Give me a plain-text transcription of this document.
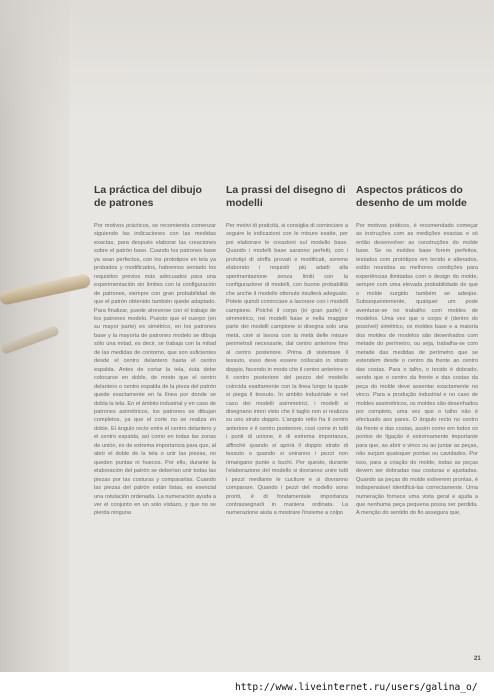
La práctica del dibujo de patrones

Por motivos prácticos, se recomienda comenzar siguiendo las indicaciones con las medidas exactas, para después elaborar las creaciones sobre el patrón base. Cuando los patrones base ya sean perfectos, con los prototipos en tela ya probados y modificados, habremos sentado los requisitos previos más adecuados para una experimentación sin límites con la configuración de patrones, siempre con gran probabilidad de que el patrón obtenido también quede adaptado. Para finalizar, puede atreverse con el trabajo de los patrones modelo. Puesto que el cuerpo (en su mayor parte) es simétrico, en los patrones base y la mayoría de patrones modelo se dibuja sólo una mitad, es decir, se trabaja con la mitad de las medidas de contorno, que son suficientes desde el centro delantero hasta el centro espalda. Antes de cortar la tela, ésta debe colocarse en doble, de modo que el centro delantero o centro espalda de la pieza del patrón quede exactamente en la línea por donde se dobla la tela. En el ámbito industrial y en caso de patrones asimétricos, los patrones se dibujan completos, ya que el corte no se realiza en doble. El ángulo recto entre el centro delantero y el centro espalda, así como en todas las zonas de unión, es de extrema importancia para que, al abrir el doble de la tela o unir las piezas, no queden puntas ni huecos. Por ello, durante la elaboración del patrón se deberían unir todas las piezas por las costuras y compararlas. Cuando las piezas del patrón están listas, es esencial una rotulación ordenada. La numeración ayuda a ver el conjunto en un solo vistazo, y que no se pierda ninguna

La prassi del disegno di modelli

Per motivi di praticità, si consiglia di cominciare a seguire le indicazioni con le misure esatte, per poi elaborare le creazioni sul modello base. Quando i modelli base saranno perfetti, con i prototipi di stoffa provati e modificati, avremo elaborato i requisiti più adatti alla sperimentazione senza limiti con la configurazione di modelli, con buone probabilità che anche il modello ottenuto risulterà adeguato. Potete quindi cominciare a lavorare con i modelli campione. Poiché il corpo (in gran parte) è simmetrico, nei modelli base e nella maggior parte dei modelli campione si disegna solo una metà, cioè si lavora con la metà delle misure perimetrali necessarie, dal centro anteriore fino al centro posteriore. Prima di sistemare il tessuto, esso deve essere collocato in strato doppio, facendo in modo che il centro anteriore o il centro posteriore del pezzo del modello coincida esattamente con la linea lungo la quale si piega il tessuto. In ambito industriale e nel caso dei modelli asimmetrici, i modelli si disegnano interi visto che il taglio non si realizza su uno strato doppio. L'angolo retto fra il centro anteriore e il centro posteriore, così come in tutti i punti di unione, è di estrema importanza, affinché quando si aprirà il doppio strato di tessuto o quando si uniranno i pezzi non rimangano punte o buchi. Per questo, durante l'elaborazione del modello si dovranno unire tutti i pezzi mediante le cuciture e si dovranno comparare. Quando i pezzi del modello sono pronti, è di fondamentale importanza contrassegnarli in maniera ordinata. La numerazione aiuta a mostrare l'insieme a colpo

Aspectos práticos do desenho de um molde

Por motivos práticos, é recomendado começar as instruções com as medições exactas e só então desenvolver as construções do molde base. Se os moldes base forem perfeitos, testados com protótipos em tecido e alterados, estão reunidas as melhores condições para experiências ilimitadas com o design do molde, sempre com uma elevada probabilidade de que o molde surgido também se adeqúe. Subsequentemente, qualquer um pode aventurar-se no trabalho com moldes de modelos. Uma vez que o corpo é (dentro do possível) simétrico, os moldes base e a maioria dos moldes de modelos são desenhados com metade do perímetro, ou seja, trabalha-se com metade das medidas de perímetro que se estendem desde o centro da frente ao centro das costas. Para o talho, o tecido é dobrado, sendo que o centro da frente e das costas da peça do molde deve assentar exactamente no vinco. Para a produção industrial e no caso de moldes assimétricos, os moldes são desenhados por completo, uma vez que o talho não é efectuado aos pares. O ângulo recto no centro da frente e das costas, assim como em todos os pontos de ligação é extremamente importante para que, ao abrir o vinco ou ao juntar as peças, não surjam quaisquer pontas ou cavidades. Por isso, para a criação do molde, todas as peças devem ser dobradas nas costuras e ajustadas. Quando as peças do molde estiverem prontas, é indispensável identificá-las correctamente. Uma numeração fornece uma vista geral e ajuda a que nenhuma peça pequena possa ser perdida. A menção do sentido do fio assegura que,

21
http://www.liveinternet.ru/users/galina_o/
